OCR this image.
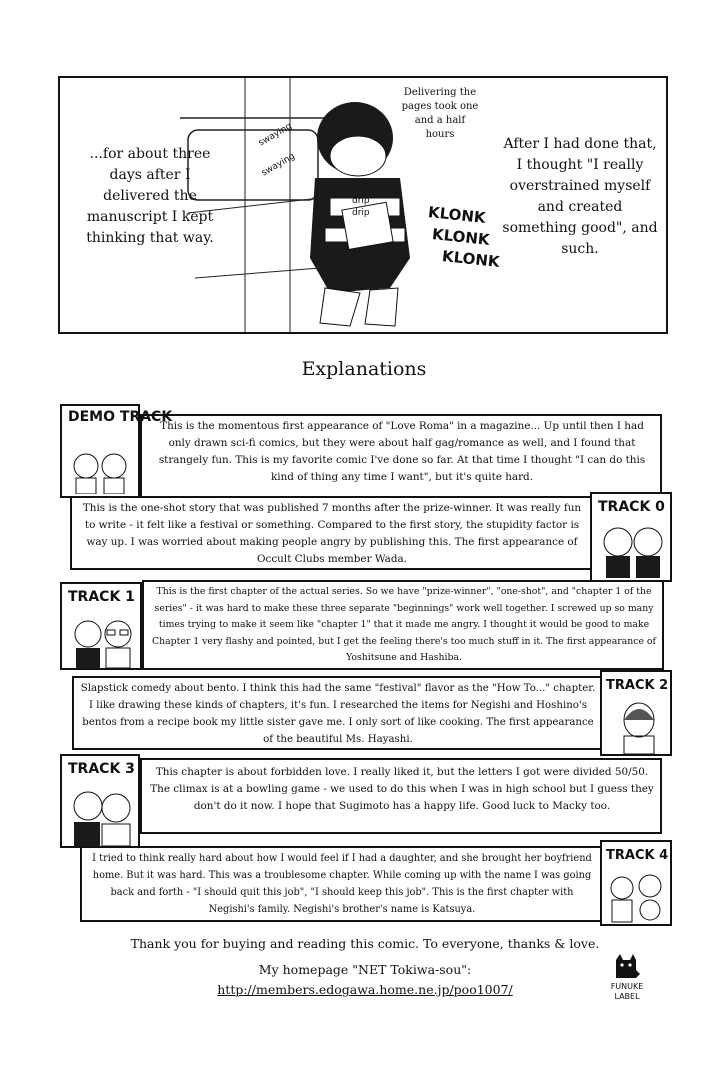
...for about three days after I delivered the manuscript I kept thinking that way.
After I had done that, I thought "I really overstrained myself and created something good", and such.
Delivering the pages took one and a half hours
swaying
swaying
drip
drip	KLONK
KLONK
KLONK
Explanations
This is the momentous first appearance of "Love Roma" in a magazine... Up until then I had only drawn sci-fi comics, but they were about half gag/romance as well, and I found that strangely fun. This is my favorite comic I've done so far. At that time I thought "I can do this kind of thing any time I want", but it's quite hard.
DEMO TRACK
This is the one-shot story that was published 7 months after the prize-winner. It was really fun to write - it felt like a festival or something. Compared to the first story, the stupidity factor is way up. I was worried about making people angry by publishing this. The first appearance of Occult Clubs member Wada.
TRACK 0
This is the first chapter of the actual series. So we have "prize-winner", "one-shot", and "chapter 1 of the series" - it was hard to make these three separate "beginnings" work well together. I screwed up so many times trying to make it seem like "chapter 1" that it made me angry. I thought it would be good to make Chapter 1 very flashy and pointed, but I get the feeling there's too much stuff in it. The first appearance of Yoshitsune and Hashiba.
TRACK 1
Slapstick comedy about bento. I think this had the same "festival" flavor as the "How To..." chapter. I like drawing these kinds of chapters, it's fun. I researched the items for Negishi and Hoshino's bentos from a recipe book my little sister gave me. I only sort of like cooking. The first appearance of the beautiful Ms. Hayashi.
TRACK 2
This chapter is about forbidden love. I really liked it, but the letters I got were divided 50/50. The climax is at a bowling game - we used to do this when I was in high school but I guess they don't do it now. I hope that Sugimoto has a happy life. Good luck to Macky too.
TRACK 3
I tried to think really hard about how I would feel if I had a daughter, and she brought her boyfriend home. But it was hard. This was a troublesome chapter. While coming up with the name I was going back and forth - "I should quit this job", "I should keep this job". This is the first chapter with Negishi's family. Negishi's brother's name is Katsuya.
TRACK 4
Thank you for buying and reading this comic. To everyone, thanks & love.
My homepage "NET Tokiwa-sou":
http://members.edogawa.home.ne.jp/poo1007/	FUNUKE LABEL
